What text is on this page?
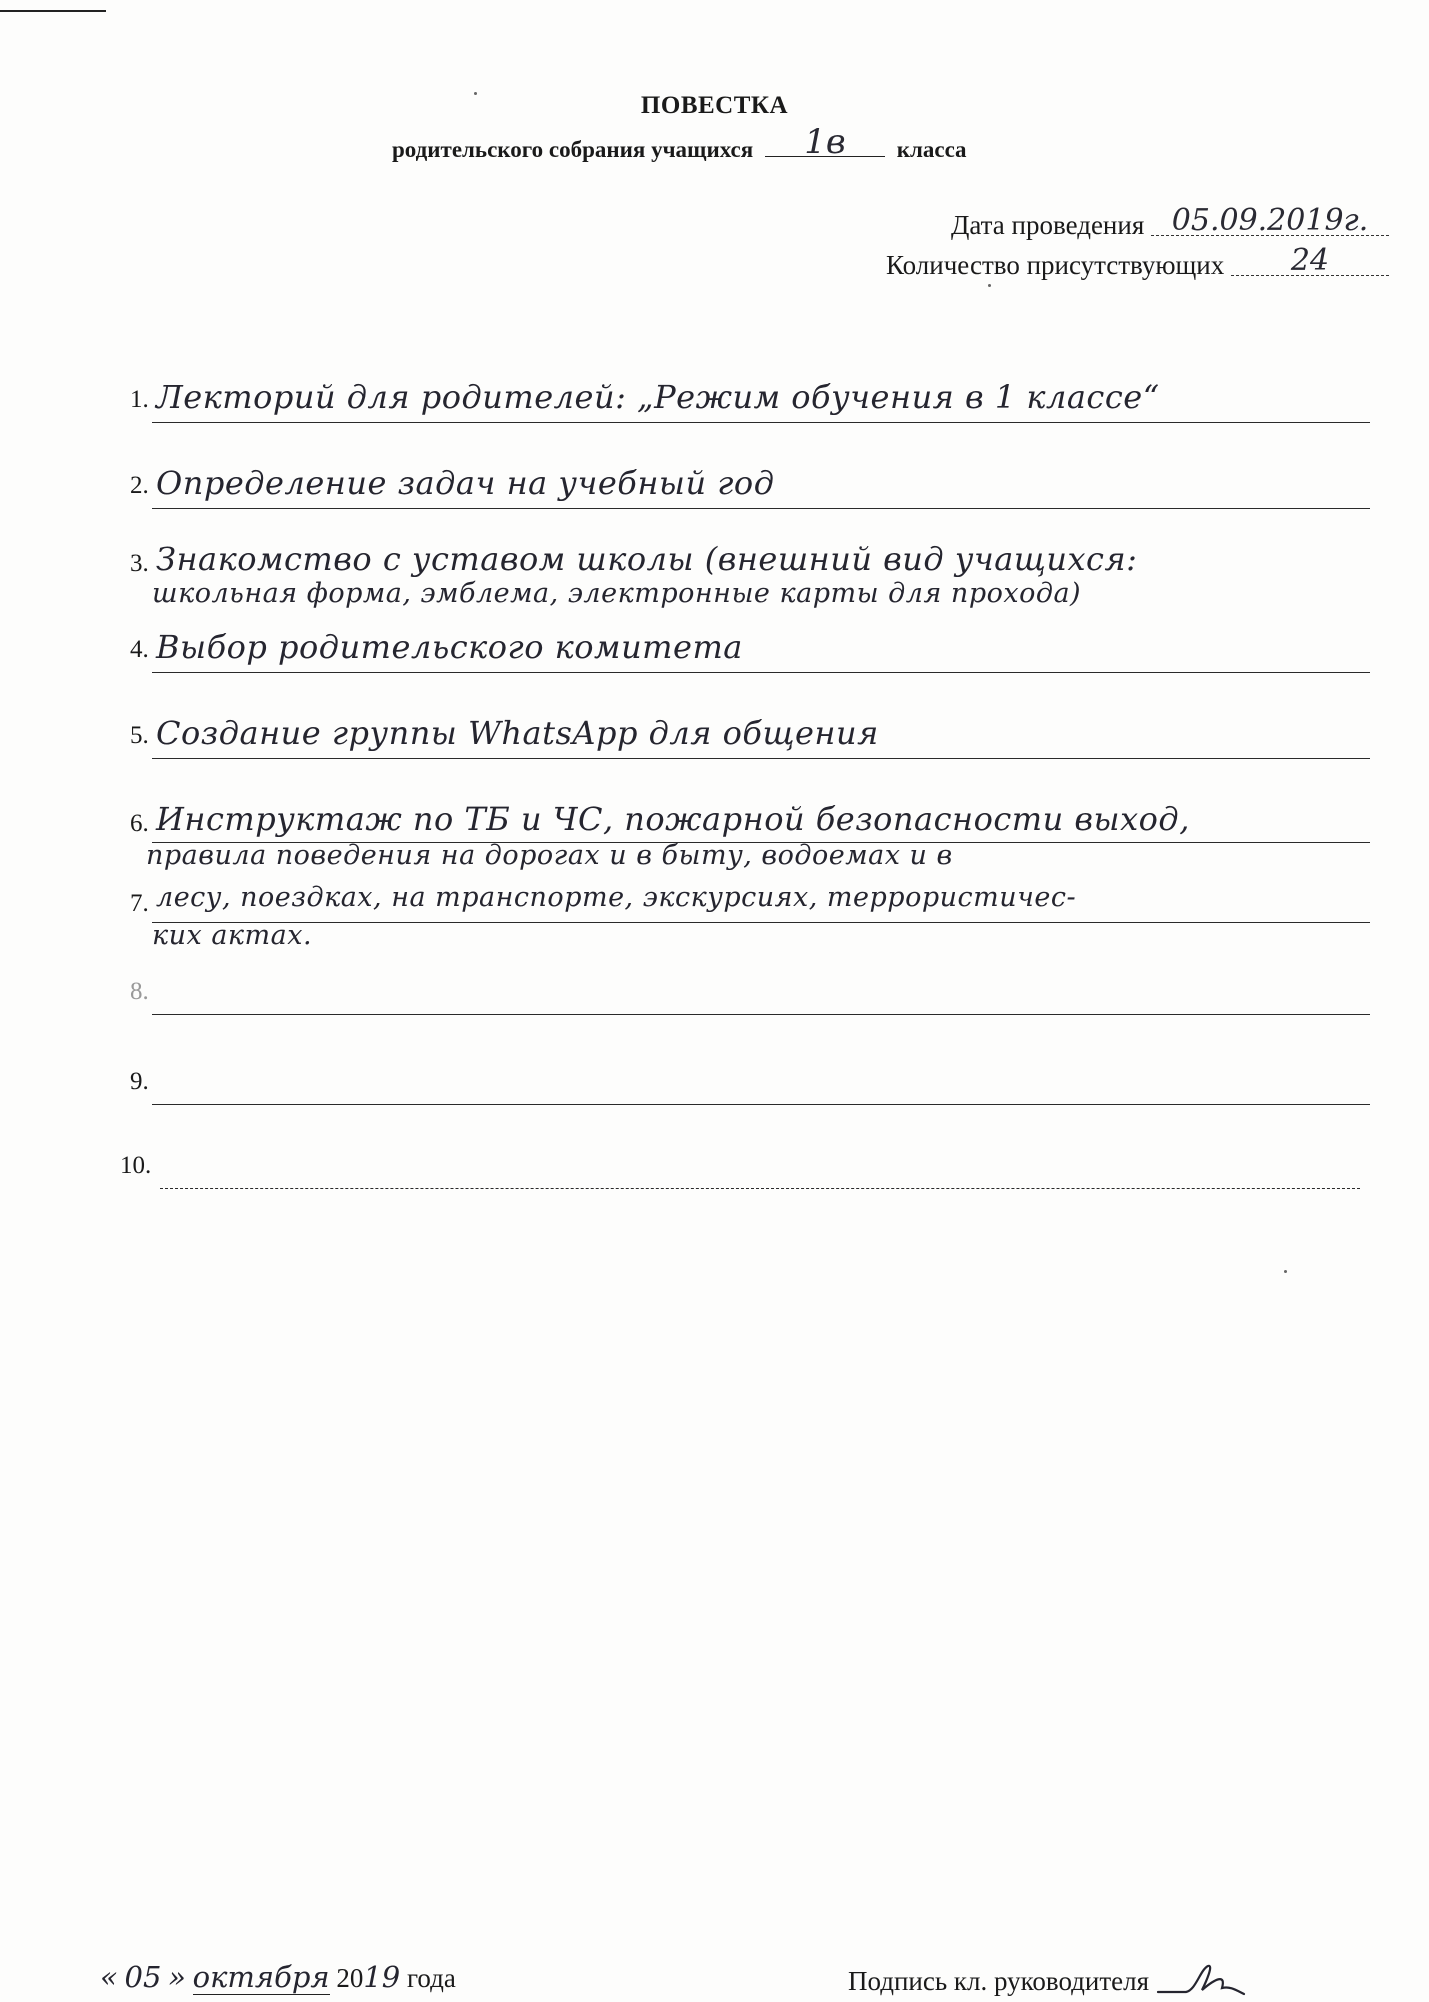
ПОВЕСТКА
родительского собрания учащихся 1в класса
Дата проведения 05.09.2019г.
Количество присутствующих 24
1. Лекторий для родителей: „Режим обучения в 1 классе“
2. Определение задач на учебный год
3. Знакомство с уставом школы (внешний вид учащихся:
школьная форма, эмблема, электронные карты для прохода)
4. Выбор родительского комитета
5. Создание группы WhatsApp для общения
6. Инструктаж по ТБ и ЧС, пожарной безопасности выход,
правила поведения на дорогах и в быту, водоемах и в
7. лесу, поездках, на транспорте, экскурсиях, террористичес-
ких актах.
8.
9.
10.
« 05 » октября 2019 года	Подпись кл. руководителя
